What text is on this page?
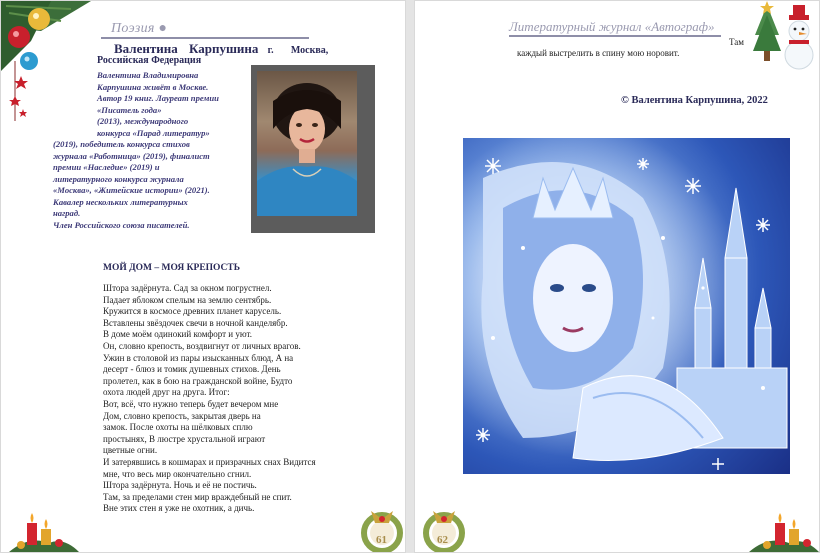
Поэзия ●
Валентина Карпушина г. Москва,
Российская Федерация

Валентина Владимировна

Карпушина живёт в Москве.

Автор 19 книг. Лауреат премии

«Писатель года»

(2013), международного

конкурса «Парад литератур»

(2019), победитель конкурса стихов

журнала «Работница» (2019), финалист

премии «Наследие» (2019) и

литературного конкурса журнала

«Москва», «Житейские истории» (2021).

Кавалер нескольких литературных

наград.

Член Российского союза писателей.

МОЙ ДОМ – МОЯ КРЕПОСТЬ
Штора задёрнута. Сад за окном погрустнел.
Падает яблоком спелым на землю сентябрь.
Кружится в космосе древних планет карусель.
Вставлены звёздочек свечи в ночной канделябр.
В доме моём одинокий комфорт и уют.
Он, словно крепость, воздвигнут от личных врагов.
Ужин в столовой из пары изысканных блюд, А на
десерт - блюз и томик душевных стихов. День
пролетел, как в бою на гражданской войне, Будто
охота людей друг на друга. Итог:
Вот, всё, что нужно теперь будет вечером мне
Дом, словно крепость, закрытая дверь на
замок. После охоты на шёлковых сплю
простынях, В люстре хрустальной играют
цветные огни.
И затерявшись в кошмарах и призрачных снах Видится
мне, что весь мир окончательно сгнил.
Штора задёрнута. Ночь и её не постичь.
Там, за пределами стен мир враждебный не спит.
Вне этих стен я уже не охотник, а дичь.
61
Литературный журнал «Автограф»
Там
каждый выстрелить в спину мою норовит.
© Валентина Карпушина, 2022
62
